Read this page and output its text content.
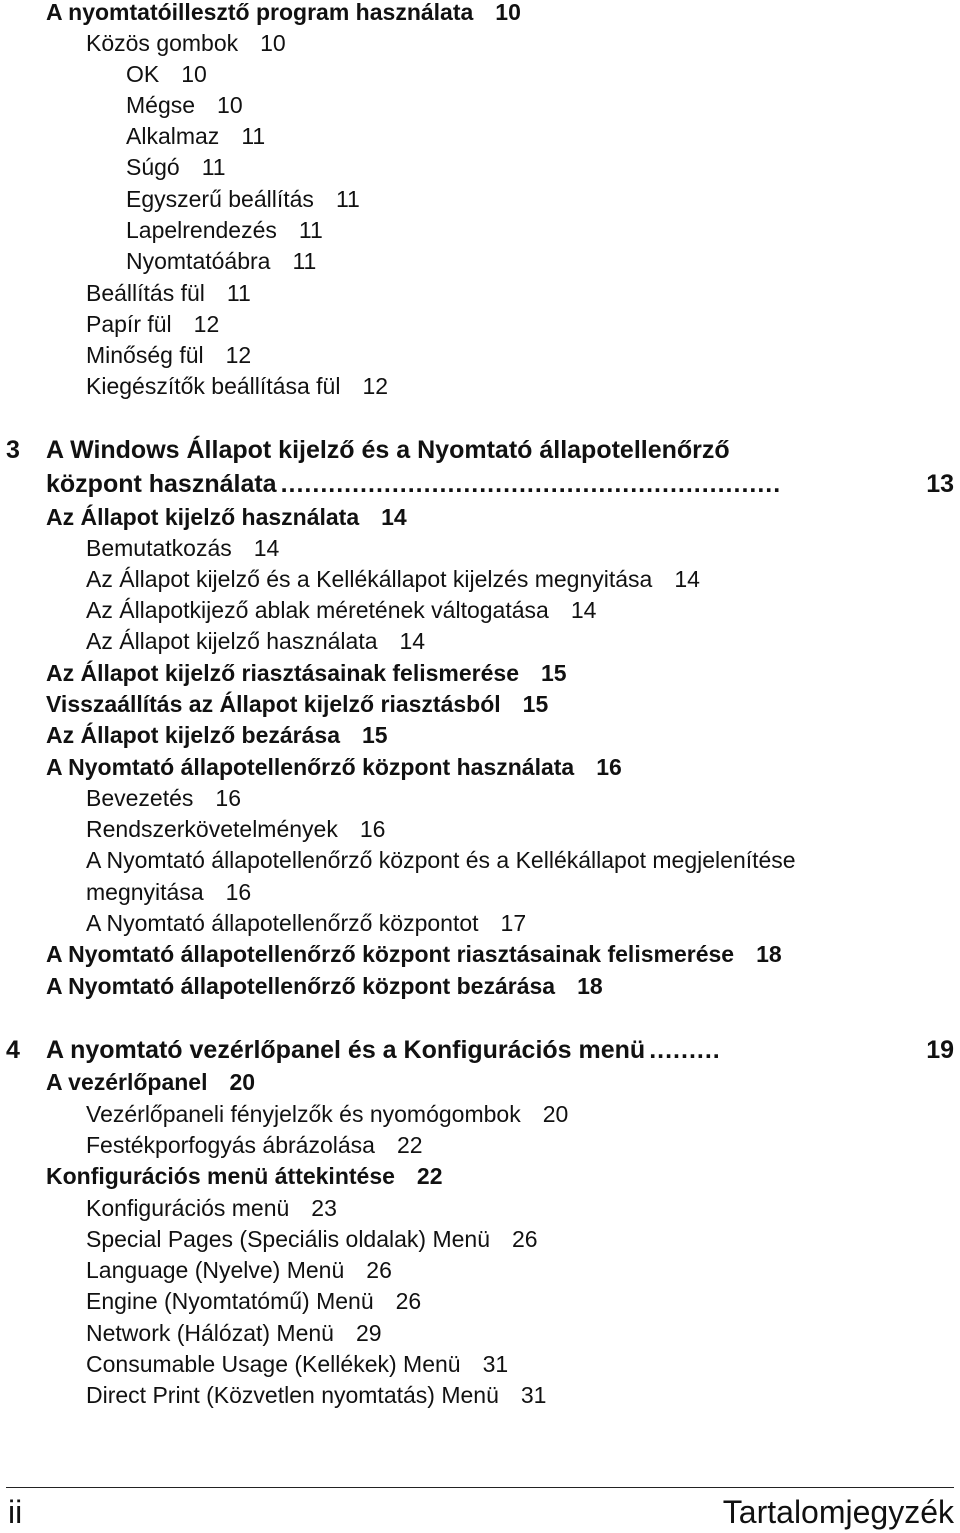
A nyomtatóillesztő program használata 10
Közös gombok 10
OK 10
Mégse 10
Alkalmaz 11
Súgó 11
Egyszerű beállítás 11
Lapelrendezés 11
Nyomtatóábra 11
Beállítás fül 11
Papír fül 12
Minőség fül 12
Kiegészítők beállítása fül 12
3 A Windows Állapot kijelző és a Nyomtató állapotellenőrző
központ használata ...............................................................	13
Az Állapot kijelző használata 14
Bemutatkozás 14
Az Állapot kijelző és a Kellékállapot kijelzés megnyitása 14
Az Állapotkijező ablak méretének váltogatása 14
Az Állapot kijelző használata 14
Az Állapot kijelző riasztásainak felismerése 15
Visszaállítás az Állapot kijelző riasztásból 15
Az Állapot kijelző bezárása 15
A Nyomtató állapotellenőrző központ használata 16
Bevezetés 16
Rendszerkövetelmények 16
A Nyomtató állapotellenőrző központ és a Kellékállapot megjelenítése
megnyitása 16
A Nyomtató állapotellenőrző központot 17
A Nyomtató állapotellenőrző központ riasztásainak felismerése 18
A Nyomtató állapotellenőrző központ bezárása 18
4 A nyomtató vezérlőpanel és a Konfigurációs menü .........	19
A vezérlőpanel 20
Vezérlőpaneli fényjelzők és nyomógombok 20
Festékporfogyás ábrázolása 22
Konfigurációs menü áttekintése 22
Konfigurációs menü 23
Special Pages (Speciális oldalak) Menü 26
Language (Nyelve) Menü 26
Engine (Nyomtatómű) Menü 26
Network (Hálózat) Menü 29
Consumable Usage (Kellékek) Menü 31
Direct Print (Közvetlen nyomtatás) Menü 31
ii	Tartalomjegyzék
